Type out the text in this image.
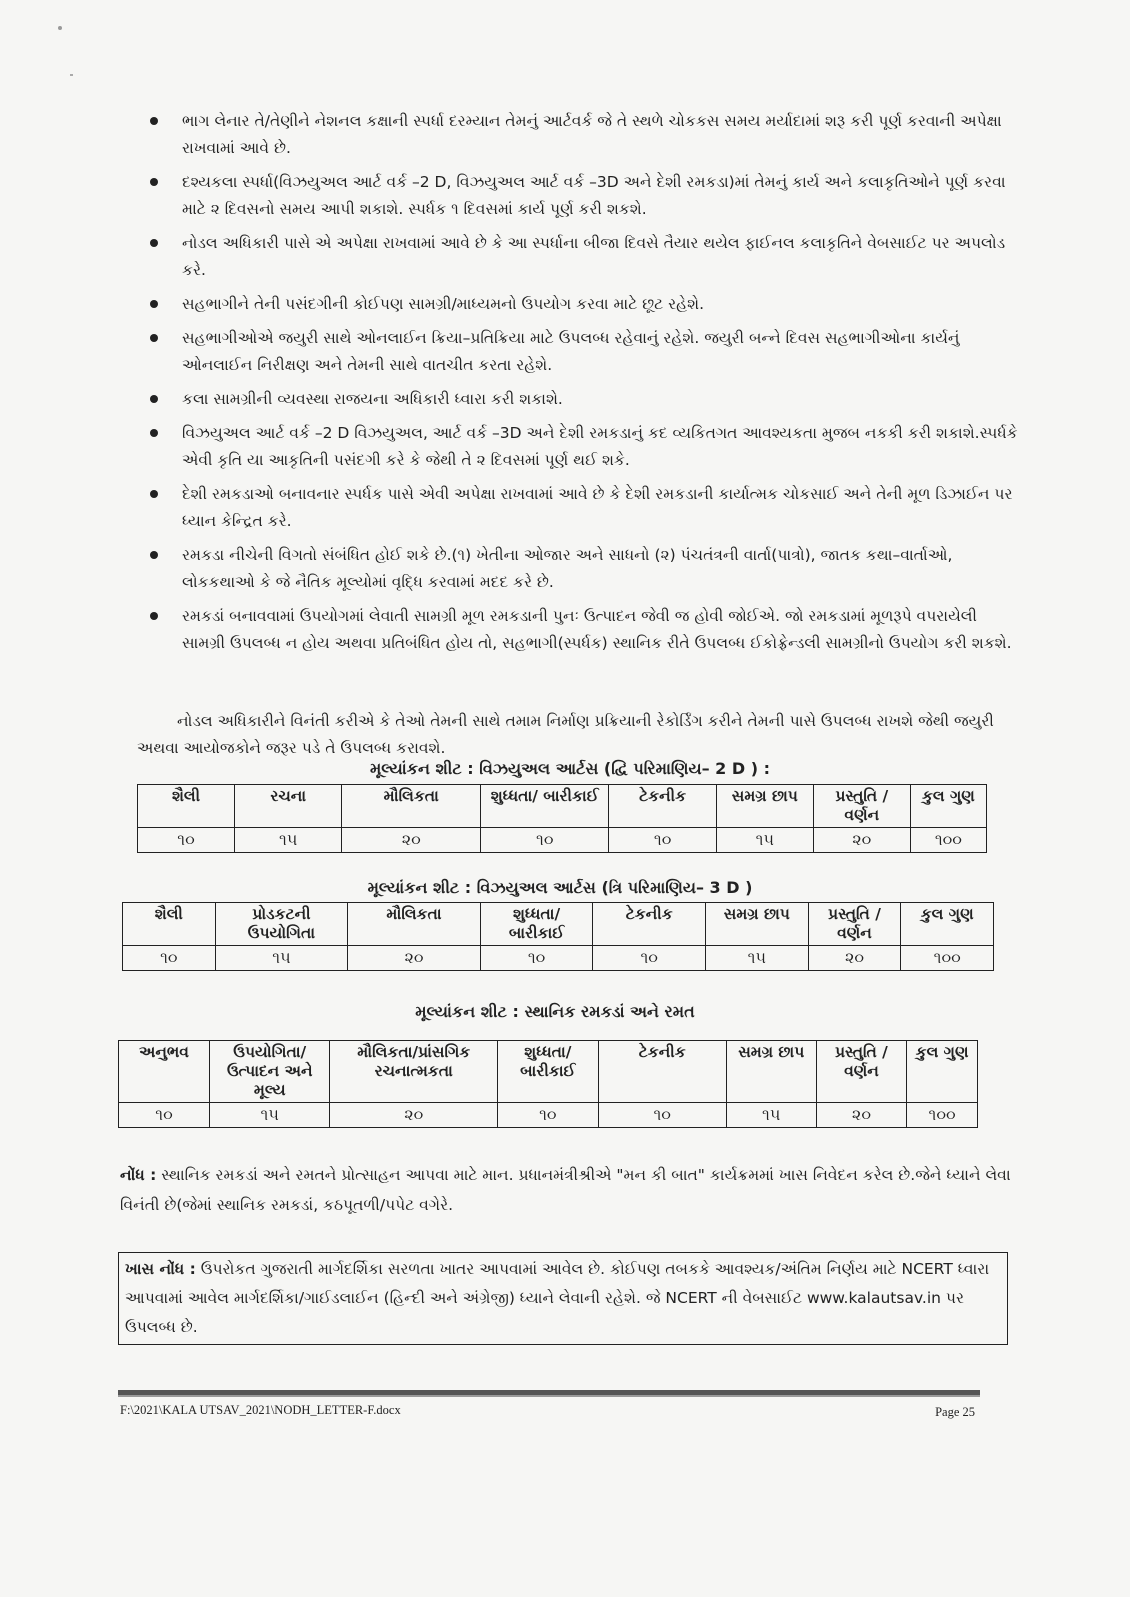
ભાગ લેનાર તે/તેણીને નેશનલ કક્ષાની સ્પર્ધા દરમ્યાન તેમનું આર્ટવર્ક જે તે સ્થળે ચોકકસ સમય મર્યાદામાં શરૂ કરી પૂર્ણ કરવાની અપેક્ષા રાખવામાં આવે છે.
દશ્યકલા સ્પર્ધા(વિઝયુઅલ આર્ટ વર્ક –2 D, વિઝયુઅલ આર્ટ વર્ક –3D અને દેશી રમકડા)માં તેમનું કાર્ય અને કલાકૃતિઓને પૂર્ણ કરવા માટે ૨ દિવસનો સમય આપી શકાશે. સ્પર્ધક ૧ દિવસમાં કાર્ય પૂર્ણ કરી શકશે.
નોડલ અધિકારી પાસે એ અપેક્ષા રાખવામાં આવે છે કે આ સ્પર્ધાના બીજા દિવસે તૈયાર થયેલ ફાઈનલ કલાકૃતિને વેબસાઈટ પર અપલોડ કરે.
સહભાગીને તેની પસંદગીની કોઈપણ સામગ્રી/માધ્યમનો ઉપયોગ કરવા માટે છૂટ રહેશે.
સહભાગીઓએ જયુરી સાથે ઓનલાઈન ક્રિયા–પ્રતિક્રિયા માટે ઉપલબ્ધ રહેવાનું રહેશે. જયુરી બન્ને દિવસ સહભાગીઓના કાર્યનું ઓનલાઈન નિરીક્ષણ અને તેમની સાથે વાતચીત કરતા રહેશે.
કલા સામગ્રીની વ્યવસ્થા રાજયના અધિકારી ધ્વારા કરી શકાશે.
વિઝયુઅલ આર્ટ વર્ક –2 D વિઝયુઅલ, આર્ટ વર્ક –3D અને દેશી રમકડાનું કદ વ્યકિતગત આવશ્યકતા મુજબ નકકી કરી શકાશે.સ્પર્ધકે એવી કૃતિ યા આકૃતિની પસંદગી કરે કે જેથી તે ૨ દિવસમાં પૂર્ણ થઈ શકે.
દેશી રમકડાઓ બનાવનાર સ્પર્ધક પાસે એવી અપેક્ષા રાખવામાં આવે છે કે દેશી રમકડાની કાર્યાત્મક ચોકસાઈ અને તેની મૂળ ડિઝાઈન પર ધ્યાન કેન્દ્રિત કરે.
રમકડા નીચેની વિગતો સંબંધિત હોઈ શકે છે.(૧) ખેતીના ઓજાર અને સાધનો (૨) પંચતંત્રની વાર્તા(પાત્રો), જાતક કથા–વાર્તાઓ, લોકકથાઓ કે જે નૈતિક મૂલ્યોમાં વૃદ્ધિ કરવામાં મદદ કરે છે.
રમકડાં બનાવવામાં ઉપયોગમાં લેવાતી સામગ્રી મૂળ રમકડાની પુનઃ ઉત્પાદન જેવી જ હોવી જોઈએ. જો રમકડામાં મૂળરૂપે વપરાયેલી સામગ્રી ઉપલબ્ધ ન હોય અથવા પ્રતિબંધિત હોય તો, સહભાગી(સ્પર્ધક) સ્થાનિક રીતે ઉપલબ્ધ ઈકોફ્રેન્ડલી સામગ્રીનો ઉપયોગ કરી શકશે.

નોડલ અધિકારીને વિનંતી કરીએ કે તેઓ તેમની સાથે તમામ નિર્માણ પ્રક્રિયાની રેકોર્ડિંગ કરીને તેમની પાસે ઉપલબ્ધ રાખશે જેથી જયુરી અથવા આયોજકોને જરૂર પડે તે ઉપલબ્ધ કરાવશે.

મૂલ્યાંકન શીટ : વિઝયુઅલ આર્ટસ (દ્વિ પરિમાણિય– 2 D ) :
શૈલી	રચના	મૌલિકતા	શુધ્ધતા/ બારીકાઈ	ટેકનીક	સમગ્ર છાપ	પ્રસ્તુતિ /વર્ણન	કુલ ગુણ
૧૦	૧૫	૨૦	૧૦	૧૦	૧૫	૨૦	૧૦૦
મૂલ્યાંકન શીટ : વિઝયુઅલ આર્ટસ (ત્રિ પરિમાણિય– 3 D )
શૈલી	પ્રોડકટની ઉપયોગિતા	મૌલિકતા	શુધ્ધતા/ બારીકાઈ	ટેકનીક	સમગ્ર છાપ	પ્રસ્તુતિ /વર્ણન	કુલ ગુણ
૧૦	૧૫	૨૦	૧૦	૧૦	૧૫	૨૦	૧૦૦
મૂલ્યાંકન શીટ : સ્થાનિક રમકડાં અને રમત
અનુભવ	ઉપયોગિતા/ ઉત્પાદન અને મૂલ્ય	મૌલિકતા/પ્રાંસગિક રચનાત્મકતા	શુધ્ધતા/ બારીકાઈ	ટેકનીક	સમગ્ર છાપ	પ્રસ્તુતિ /વર્ણન	કુલ ગુણ
૧૦	૧૫	૨૦	૧૦	૧૦	૧૫	૨૦	૧૦૦

નોંધ : સ્થાનિક રમકડાં અને રમતને પ્રોત્સાહન આપવા માટે માન. પ્રધાનમંત્રીશ્રીએ "મન કી બાત" કાર્યક્રમમાં ખાસ નિવેદન કરેલ છે.જેને ધ્યાને લેવા વિનંતી છે(જેમાં સ્થાનિક રમકડાં, કઠપૂતળી/પપેટ વગેરે.

ખાસ નોંધ : ઉપરોકત ગુજરાતી માર્ગદર્શિકા સરળતા ખાતર આપવામાં આવેલ છે. કોઈપણ તબકકે આવશ્યક/અંતિમ નિર્ણય માટે NCERT ધ્વારા આપવામાં આવેલ માર્ગદર્શિકા/ગાઈડલાઈન (હિન્દી અને અંગ્રેજી) ધ્યાને લેવાની રહેશે. જે NCERT ની વેબસાઈટ www.kalautsav.in પર ઉપલબ્ધ છે.
F:\2021\KALA UTSAV_2021\NODH_LETTER-F.docx	Page 25
